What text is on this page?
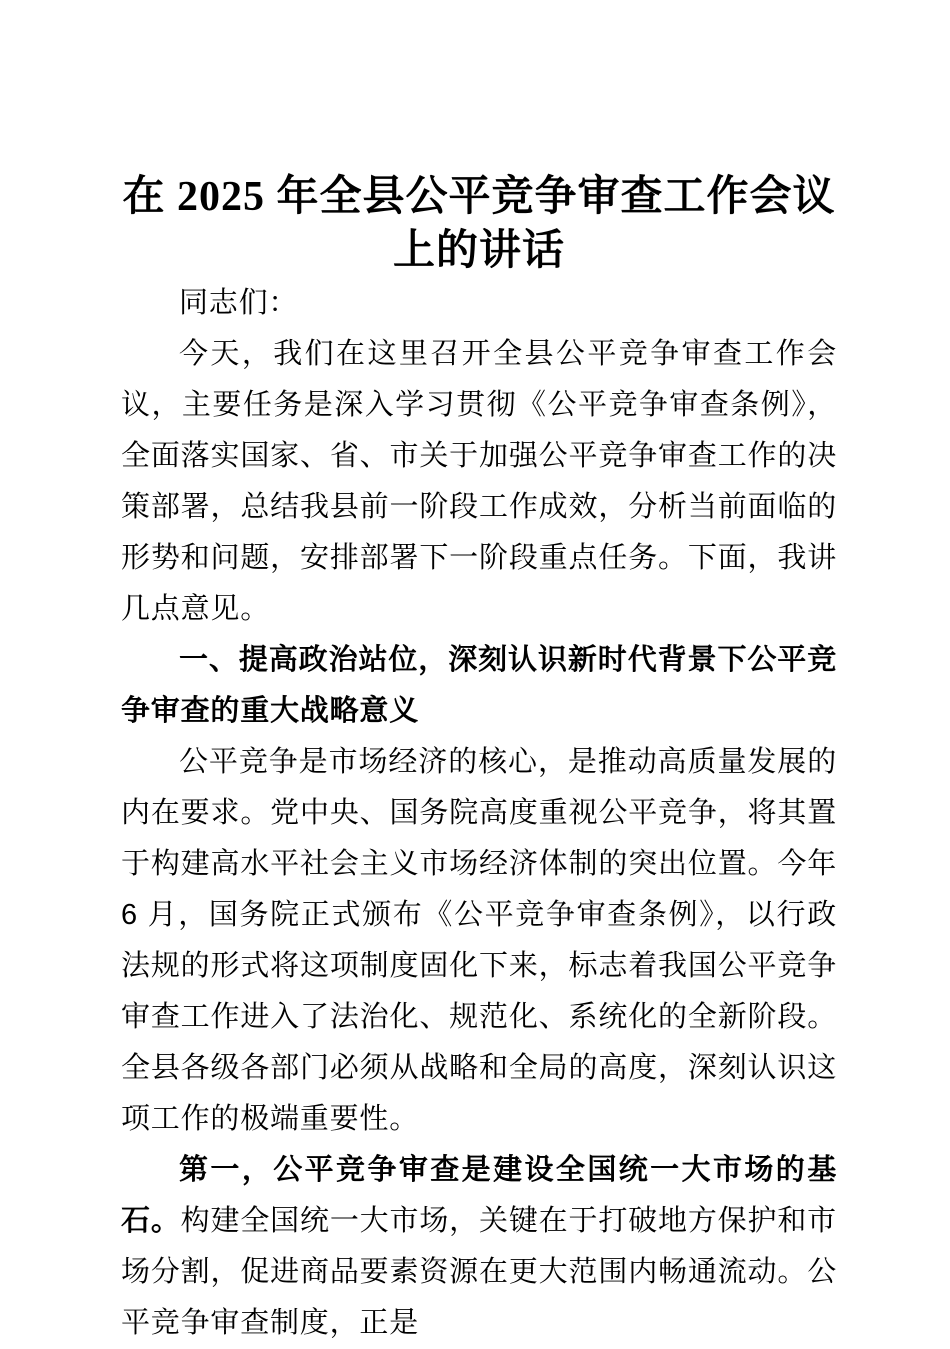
在 2025 年全县公平竞争审查工作会议
上的讲话

同志们：

今天，我们在这里召开全县公平竞争审查工作会议，主要任务是深入学习贯彻《公平竞争审查条例》，全面落实国家、省、市关于加强公平竞争审查工作的决策部署，总结我县前一阶段工作成效，分析当前面临的形势和问题，安排部署下一阶段重点任务。下面，我讲几点意见。

一、提高政治站位，深刻认识新时代背景下公平竞争审查的重大战略意义

公平竞争是市场经济的核心，是推动高质量发展的内在要求。党中央、国务院高度重视公平竞争，将其置于构建高水平社会主义市场经济体制的突出位置。今年 6 月，国务院正式颁布《公平竞争审查条例》，以行政法规的形式将这项制度固化下来，标志着我国公平竞争审查工作进入了法治化、规范化、系统化的全新阶段。全县各级各部门必须从战略和全局的高度，深刻认识这项工作的极端重要性。

第一，公平竞争审查是建设全国统一大市场的基石。构建全国统一大市场，关键在于打破地方保护和市场分割，促进商品要素资源在更大范围内畅通流动。公平竞争审查制度，正是
